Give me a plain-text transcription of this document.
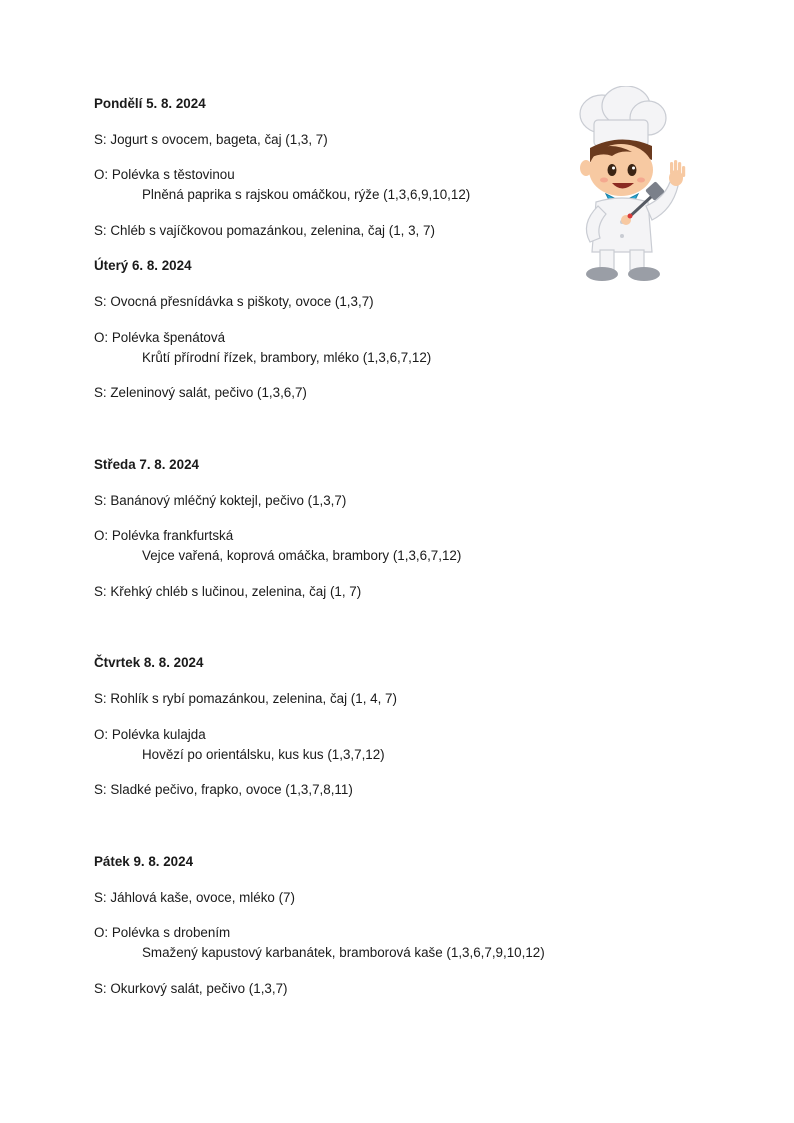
Pondělí 5. 8. 2024
S: Jogurt s ovocem, bageta, čaj (1,3, 7)
O: Polévka s těstovinou
Plněná paprika s rajskou omáčkou, rýže (1,3,6,9,10,12)
S: Chléb s vajíčkovou pomazánkou, zelenina, čaj (1, 3, 7)
Úterý 6. 8. 2024
S: Ovocná přesnídávka s piškoty, ovoce (1,3,7)
O: Polévka špenátová
Krůtí přírodní řízek, brambory, mléko (1,3,6,7,12)
S: Zeleninový salát, pečivo (1,3,6,7)
Středa 7. 8. 2024
S: Banánový mléčný koktejl, pečivo (1,3,7)
O: Polévka frankfurtská
Vejce vařená, koprová omáčka, brambory (1,3,6,7,12)
S: Křehký chléb s lučinou, zelenina, čaj (1, 7)
Čtvrtek 8. 8. 2024
S: Rohlík s rybí pomazánkou, zelenina, čaj (1, 4, 7)
O: Polévka kulajda
Hovězí po orientálsku, kus kus (1,3,7,12)
S: Sladké pečivo, frapko, ovoce (1,3,7,8,11)
Pátek 9. 8. 2024
S: Jáhlová kaše, ovoce, mléko (7)
O: Polévka s drobením
Smažený kapustový karbanátek, bramborová kaše (1,3,6,7,9,10,12)
S: Okurkový salát, pečivo (1,3,7)
